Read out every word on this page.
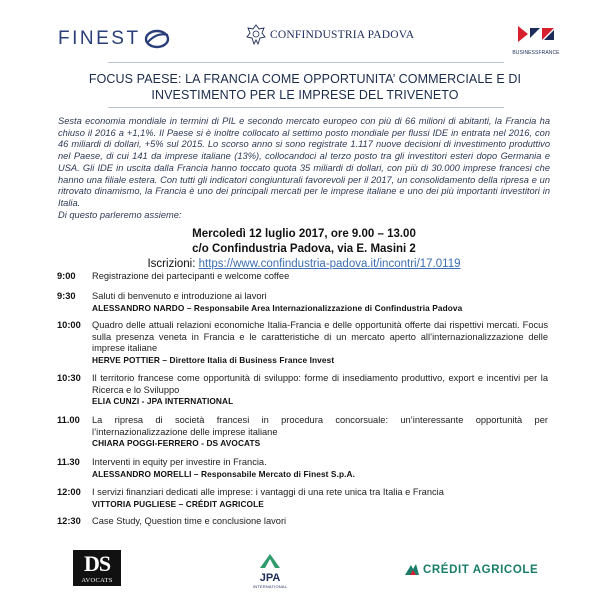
FINEST	CONFINDUSTRIA PADOVA
BUSINESSFRANCE
FOCUS PAESE: LA FRANCIA COME OPPORTUNITA’ COMMERCIALE E DI
INVESTIMENTO PER LE IMPRESE DEL TRIVENETO
Sesta economia mondiale in termini di PIL e secondo mercato europeo con più di 66 milioni di abitanti, la Francia ha chiuso il 2016 a +1,1%. Il Paese si è inoltre collocato al settimo posto mondiale per flussi IDE in entrata nel 2016, con 46 miliardi di dollari, +5% sul 2015. Lo scorso anno si sono registrate 1.117 nuove decisioni di investimento produttivo nel Paese, di cui 141 da imprese italiane (13%), collocandoci al terzo posto tra gli investitori esteri dopo Germania e USA. Gli IDE in uscita dalla Francia hanno toccato quota 35 miliardi di dollari, con più di 30.000 imprese francesi che hanno una filiale estera. Con tutti gli indicatori congiunturali favorevoli per il 2017, un consolidamento della ripresa e un ritrovato dinamismo, la Francia è uno dei principali mercati per le imprese italiane e uno dei più importanti investitori in Italia.
Di questo parleremo assieme:
Mercoledì 12 luglio 2017, ore 9.00 – 13.00
c/o Confindustria Padova, via E. Masini 2
Iscrizioni: https://www.confindustria-padova.it/incontri/17.0119
9:00	Registrazione dei partecipanti e welcome coffee
9:30	Saluti di benvenuto e introduzione ai lavori
ALESSANDRO NARDO – Responsabile Area Internazionalizzazione di Confindustria Padova
10:00	Quadro delle attuali relazioni economiche Italia-Francia e delle opportunità offerte dai rispettivi mercati. Focus sulla presenza veneta in Francia e le caratteristiche di un mercato aperto all’internazionalizzazione delle imprese italiane
HERVE POTTIER – Direttore Italia di Business France Invest
10:30	Il territorio francese come opportunità di sviluppo: forme di insediamento produttivo, export e incentivi per la Ricerca e lo Sviluppo
ELIA CUNZI - JPA INTERNATIONAL
11.00	La ripresa di società francesi in procedura concorsuale: un’interessante opportunità per l’internazionalizzazione delle imprese italiane
CHIARA POGGI-FERRERO - DS AVOCATS
11.30	Interventi in equity per investire in Francia.
ALESSANDRO MORELLI – Responsabile Mercato di Finest S.p.A.
12:00	I servizi finanziari dedicati alle imprese: i vantaggi di una rete unica tra Italia e Francia
VITTORIA PUGLIESE – CRÉDIT AGRICOLE
12:30	Case Study, Question time e conclusione lavori
DS
AVOCATS	JPA
INTERNATIONAL
CRÉDIT AGRICOLE
